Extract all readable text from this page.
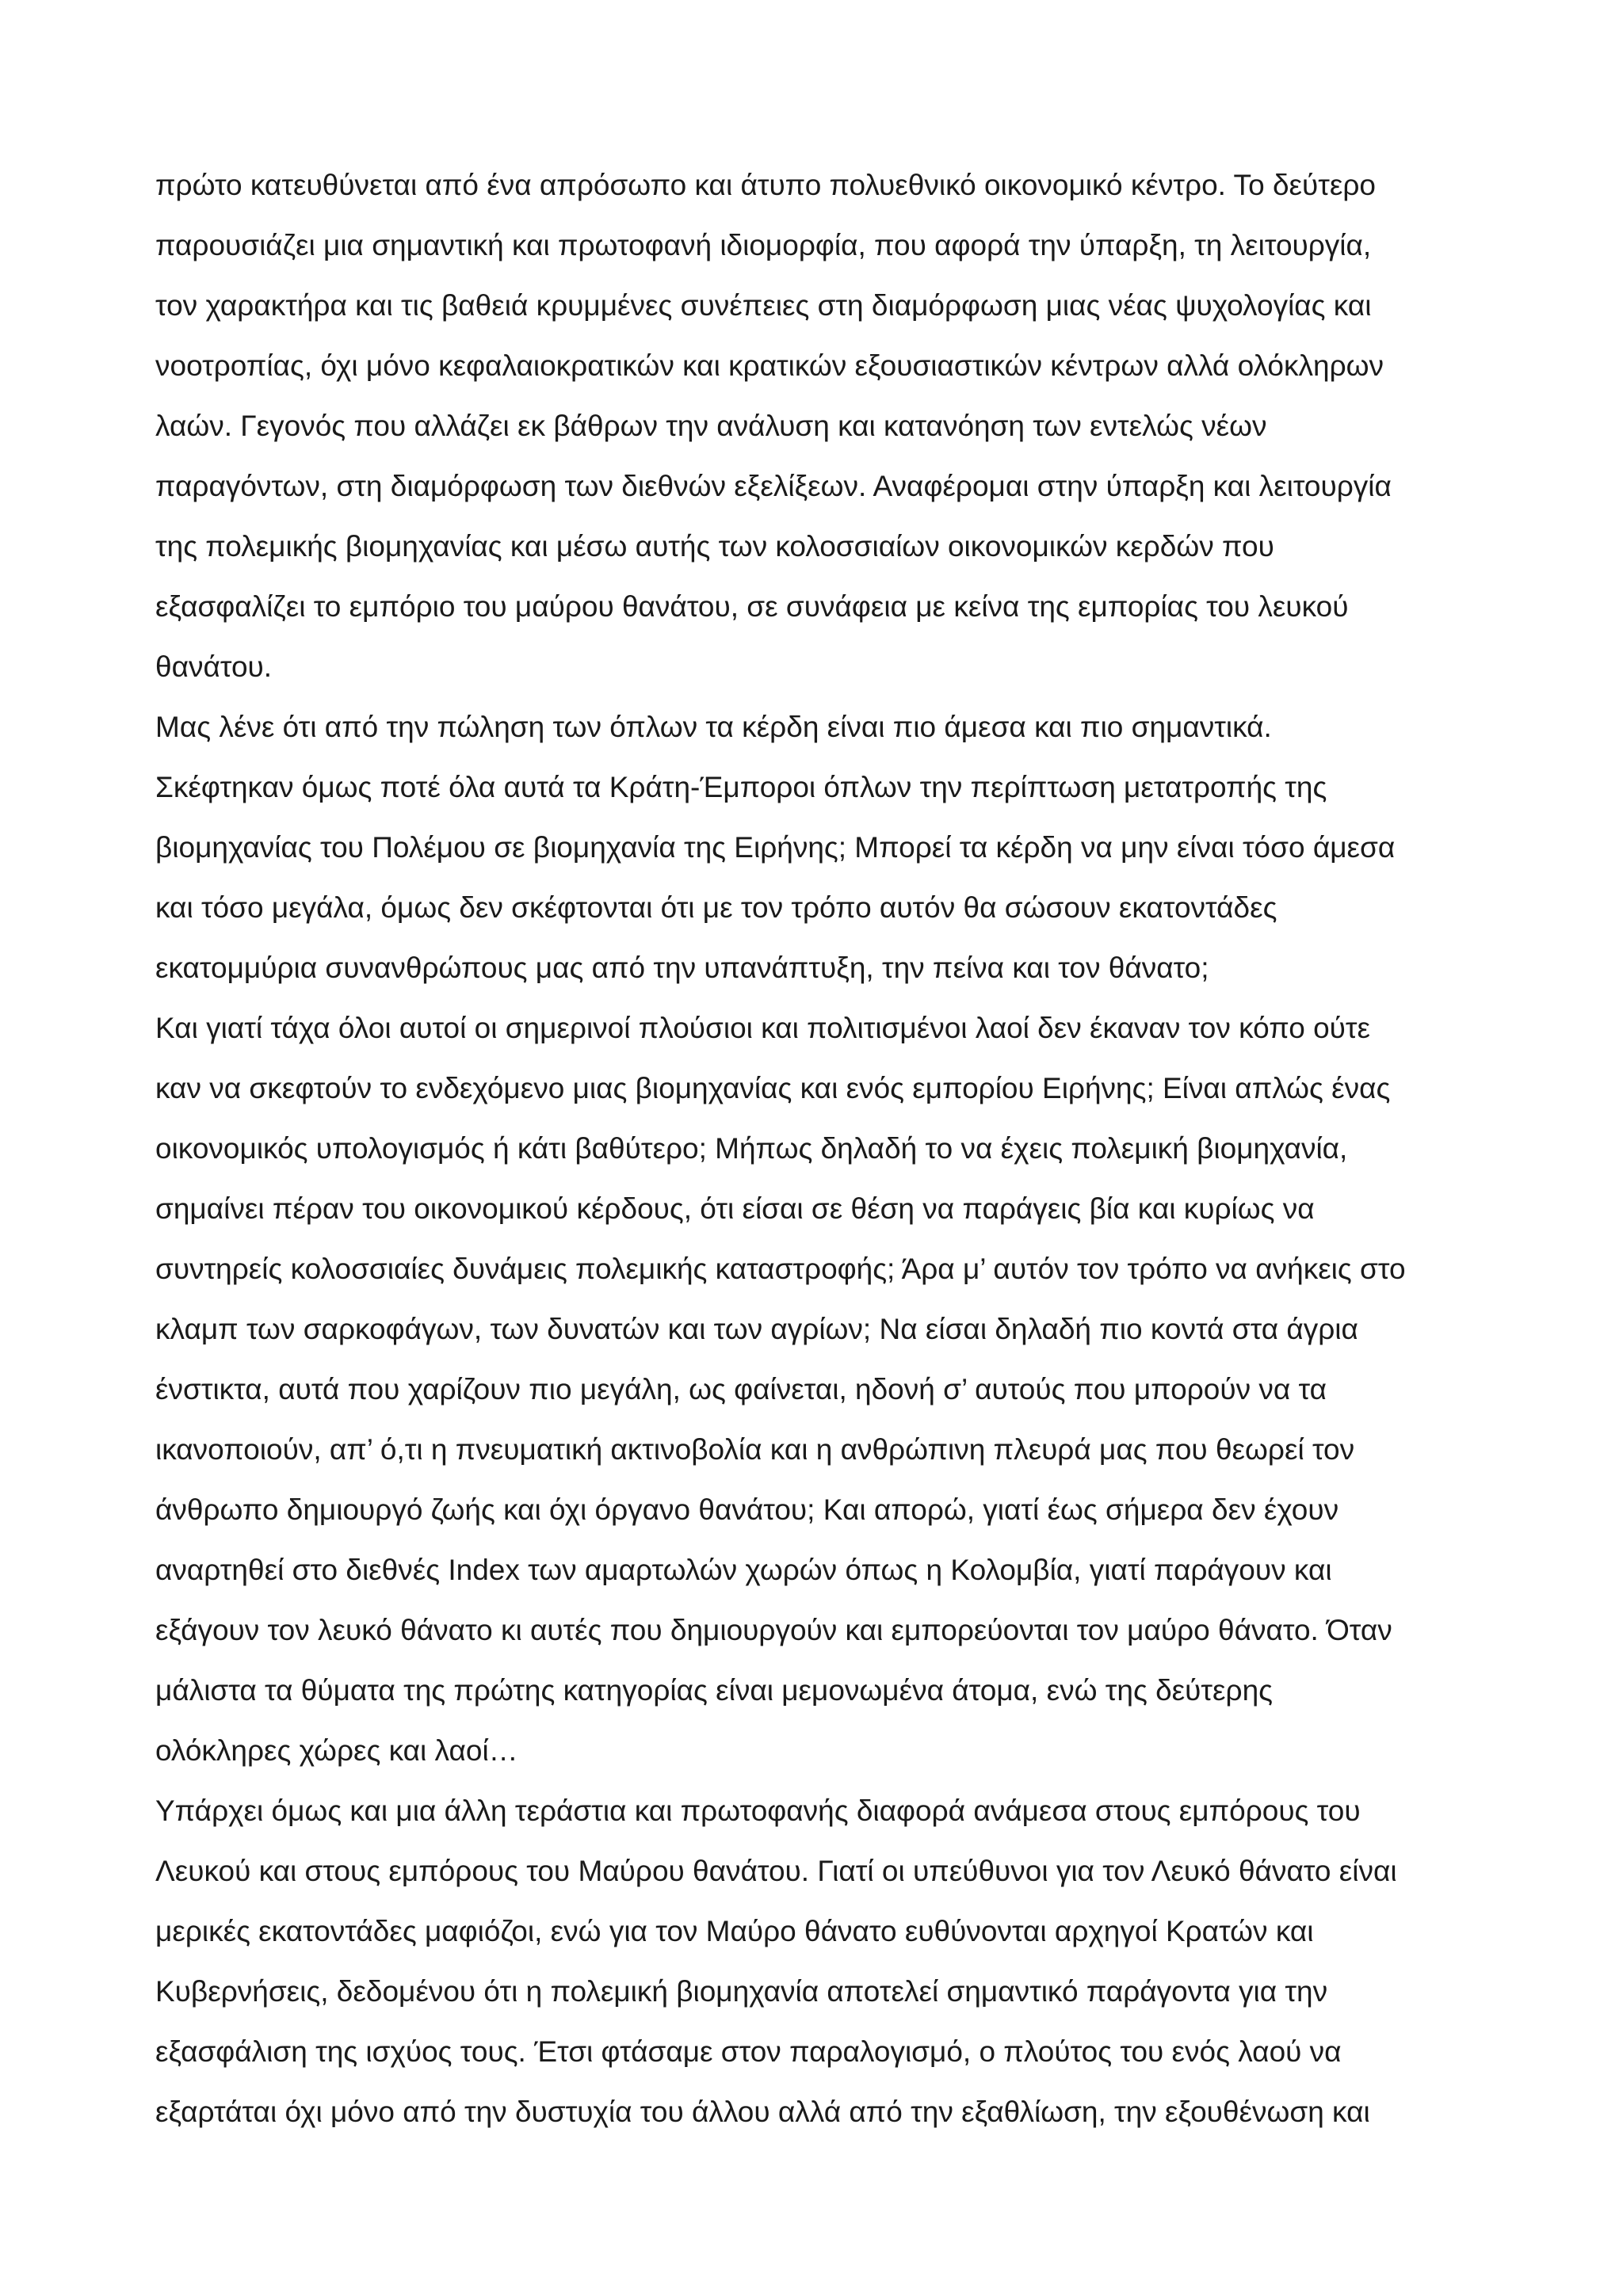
πρώτο κατευθύνεται από ένα απρόσωπο και άτυπο πολυεθνικό οικονομικό κέντρο. Το δεύτερο
παρουσιάζει μια σημαντική και πρωτοφανή ιδιομορφία, που αφορά την ύπαρξη, τη λειτουργία,
τον χαρακτήρα και τις βαθειά κρυμμένες συνέπειες στη διαμόρφωση μιας νέας ψυχολογίας και
νοοτροπίας, όχι μόνο κεφαλαιοκρατικών και κρατικών εξουσιαστικών κέντρων αλλά ολόκληρων
λαών. Γεγονός που αλλάζει εκ βάθρων την ανάλυση και κατανόηση των εντελώς νέων
παραγόντων, στη διαμόρφωση των διεθνών εξελίξεων. Αναφέρομαι στην ύπαρξη και λειτουργία
της πολεμικής βιομηχανίας και μέσω αυτής των κολοσσιαίων οικονομικών κερδών που
εξασφαλίζει το εμπόριο του μαύρου θανάτου, σε συνάφεια με κείνα της εμπορίας του λευκού
θανάτου.
Μας λένε ότι από την πώληση των όπλων τα κέρδη είναι πιο άμεσα και πιο σημαντικά.
Σκέφτηκαν όμως ποτέ όλα αυτά τα Κράτη-Έμποροι όπλων την περίπτωση μετατροπής της
βιομηχανίας του Πολέμου σε βιομηχανία της Ειρήνης; Μπορεί τα κέρδη να μην είναι τόσο άμεσα
και τόσο μεγάλα, όμως δεν σκέφτονται ότι με τον τρόπο αυτόν θα σώσουν εκατοντάδες
εκατομμύρια συνανθρώπους μας από την υπανάπτυξη, την πείνα και τον θάνατο;
Και γιατί τάχα όλοι αυτοί οι σημερινοί πλούσιοι και πολιτισμένοι λαοί δεν έκαναν τον κόπο ούτε
καν να σκεφτούν το ενδεχόμενο μιας βιομηχανίας και ενός εμπορίου Ειρήνης; Είναι απλώς ένας
οικονομικός υπολογισμός ή κάτι βαθύτερο; Μήπως δηλαδή το να έχεις πολεμική βιομηχανία,
σημαίνει πέραν του οικονομικού κέρδους, ότι είσαι σε θέση να παράγεις βία και κυρίως να
συντηρείς κολοσσιαίες δυνάμεις πολεμικής καταστροφής; Άρα μ’ αυτόν τον τρόπο να ανήκεις στο
κλαμπ των σαρκοφάγων, των δυνατών και των αγρίων; Να είσαι δηλαδή πιο κοντά στα άγρια
ένστικτα, αυτά που χαρίζουν πιο μεγάλη, ως φαίνεται, ηδονή σ’ αυτούς που μπορούν να τα
ικανοποιούν, απ’ ό,τι η πνευματική ακτινοβολία και η ανθρώπινη πλευρά μας που θεωρεί τον
άνθρωπο δημιουργό ζωής και όχι όργανο θανάτου; Και απορώ, γιατί έως σήμερα δεν έχουν
αναρτηθεί στο διεθνές Index των αμαρτωλών χωρών όπως η Κολομβία, γιατί παράγουν και
εξάγουν τον λευκό θάνατο κι αυτές που δημιουργούν και εμπορεύονται τον μαύρο θάνατο. Όταν
μάλιστα τα θύματα της πρώτης κατηγορίας είναι μεμονωμένα άτομα, ενώ της δεύτερης
ολόκληρες χώρες και λαοί…
Υπάρχει όμως και μια άλλη τεράστια και πρωτοφανής διαφορά ανάμεσα στους εμπόρους του
Λευκού και στους εμπόρους του Μαύρου θανάτου. Γιατί οι υπεύθυνοι για τον Λευκό θάνατο είναι
μερικές εκατοντάδες μαφιόζοι, ενώ για τον Μαύρο θάνατο ευθύνονται αρχηγοί Κρατών και
Κυβερνήσεις, δεδομένου ότι η πολεμική βιομηχανία αποτελεί σημαντικό παράγοντα για την
εξασφάλιση της ισχύος τους. Έτσι φτάσαμε στον παραλογισμό, ο πλούτος του ενός λαού να
εξαρτάται όχι μόνο από την δυστυχία του άλλου αλλά από την εξαθλίωση, την εξουθένωση και
